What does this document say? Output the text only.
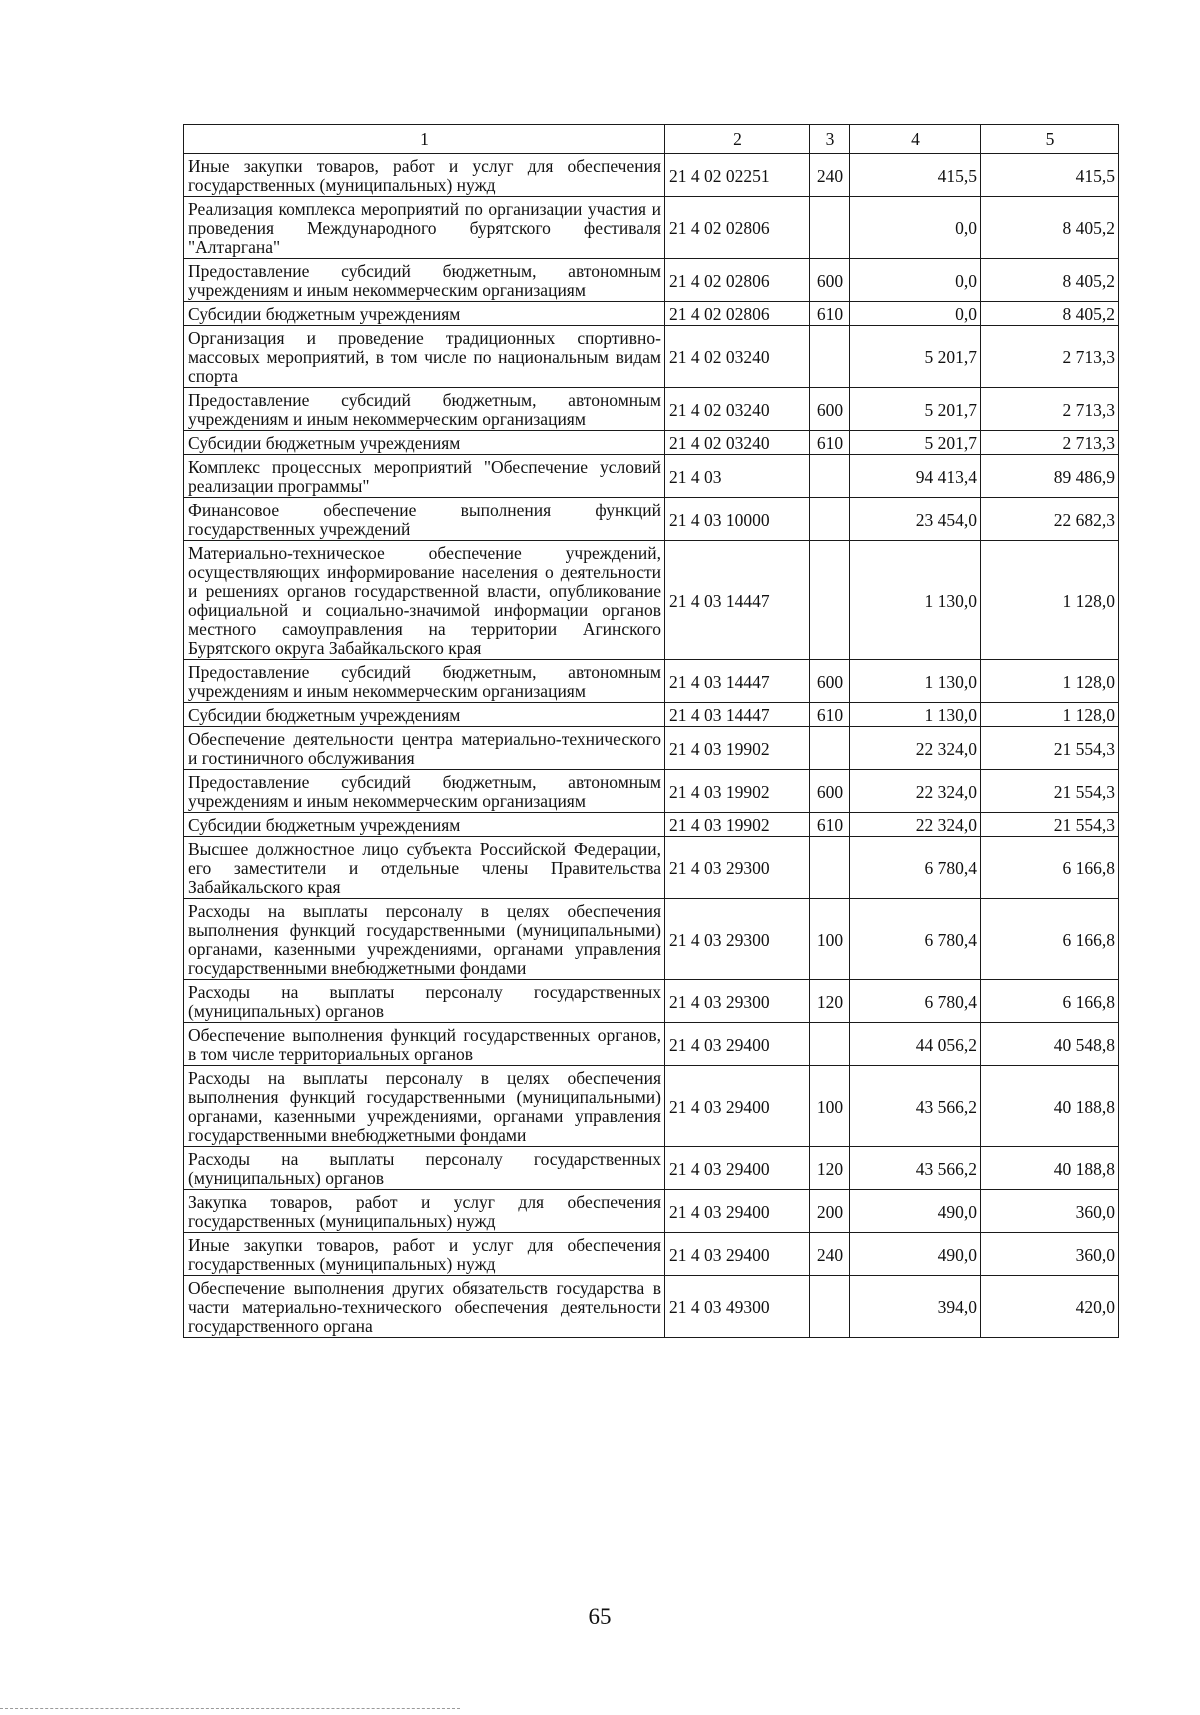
1	2	3	4	5
Иные закупки товаров, работ и услуг для обеспечения государственных (муниципальных) нужд	21 4 02 02251	240	415,5	415,5
Реализация комплекса мероприятий по организации участия и проведения Международного бурятского фестиваля "Алтаргана"	21 4 02 02806		0,0	8 405,2
Предоставление субсидий бюджетным, автономным учреждениям и иным некоммерческим организациям	21 4 02 02806	600	0,0	8 405,2
Субсидии бюджетным учреждениям	21 4 02 02806	610	0,0	8 405,2
Организация и проведение традиционных спортивно-массовых мероприятий, в том числе по национальным видам спорта	21 4 02 03240		5 201,7	2 713,3
Предоставление субсидий бюджетным, автономным учреждениям и иным некоммерческим организациям	21 4 02 03240	600	5 201,7	2 713,3
Субсидии бюджетным учреждениям	21 4 02 03240	610	5 201,7	2 713,3
Комплекс процессных мероприятий "Обеспечение условий реализации программы"	21 4 03		94 413,4	89 486,9
Финансовое обеспечение выполнения функций государственных учреждений	21 4 03 10000		23 454,0	22 682,3
Материально-техническое обеспечение учреждений, осуществляющих информирование населения о деятельности и решениях органов государственной власти, опубликование официальной и социально-значимой информации органов местного самоуправления на территории Агинского Бурятского округа Забайкальского края	21 4 03 14447		1 130,0	1 128,0
Предоставление субсидий бюджетным, автономным учреждениям и иным некоммерческим организациям	21 4 03 14447	600	1 130,0	1 128,0
Субсидии бюджетным учреждениям	21 4 03 14447	610	1 130,0	1 128,0
Обеспечение деятельности центра материально-технического и гостиничного обслуживания	21 4 03 19902		22 324,0	21 554,3
Предоставление субсидий бюджетным, автономным учреждениям и иным некоммерческим организациям	21 4 03 19902	600	22 324,0	21 554,3
Субсидии бюджетным учреждениям	21 4 03 19902	610	22 324,0	21 554,3
Высшее должностное лицо субъекта Российской Федерации, его заместители и отдельные члены Правительства Забайкальского края	21 4 03 29300		6 780,4	6 166,8
Расходы на выплаты персоналу в целях обеспечения выполнения функций государственными (муниципальными) органами, казенными учреждениями, органами управления государственными внебюджетными фондами	21 4 03 29300	100	6 780,4	6 166,8
Расходы на выплаты персоналу государственных (муниципальных) органов	21 4 03 29300	120	6 780,4	6 166,8
Обеспечение выполнения функций государственных органов, в том числе территориальных органов	21 4 03 29400		44 056,2	40 548,8
Расходы на выплаты персоналу в целях обеспечения выполнения функций государственными (муниципальными) органами, казенными учреждениями, органами управления государственными внебюджетными фондами	21 4 03 29400	100	43 566,2	40 188,8
Расходы на выплаты персоналу государственных (муниципальных) органов	21 4 03 29400	120	43 566,2	40 188,8
Закупка товаров, работ и услуг для обеспечения государственных (муниципальных) нужд	21 4 03 29400	200	490,0	360,0
Иные закупки товаров, работ и услуг для обеспечения государственных (муниципальных) нужд	21 4 03 29400	240	490,0	360,0
Обеспечение выполнения других обязательств государства в части материально-технического обеспечения деятельности государственного органа	21 4 03 49300		394,0	420,0
65
